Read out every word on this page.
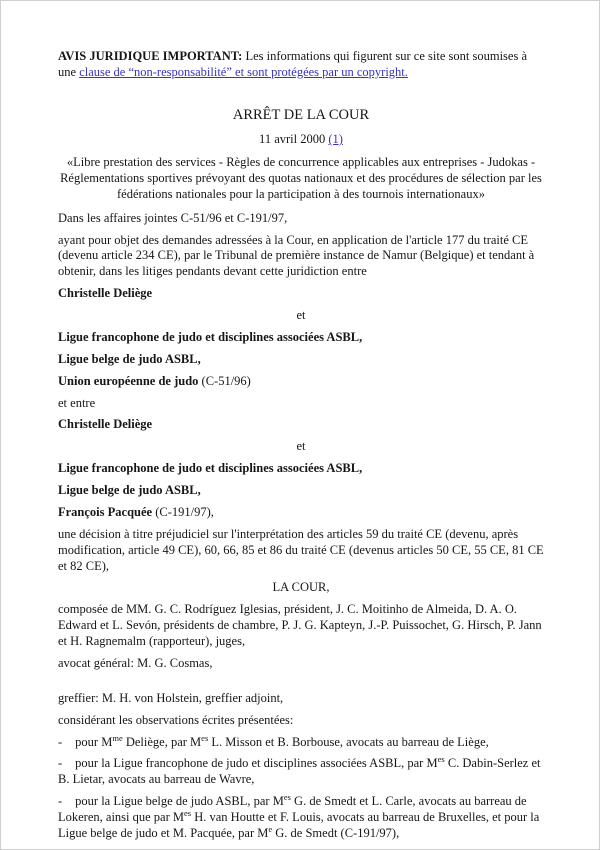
AVIS JURIDIQUE IMPORTANT: Les informations qui figurent sur ce site sont soumises à une clause de “non-responsabilité” et sont protégées par un copyright.

ARRÊT DE LA COUR

11 avril 2000 (1)

«Libre prestation des services - Règles de concurrence applicables aux entreprises - Judokas - Réglementations sportives prévoyant des quotas nationaux et des procédures de sélection par les fédérations nationales pour la participation à des tournois internationaux»

Dans les affaires jointes C-51/96 et C-191/97,

ayant pour objet des demandes adressées à la Cour, en application de l'article 177 du traité CE (devenu article 234 CE), par le Tribunal de première instance de Namur (Belgique) et tendant à obtenir, dans les litiges pendants devant cette juridiction entre

Christelle Deliège

et

Ligue francophone de judo et disciplines associées ASBL,

Ligue belge de judo ASBL,

Union européenne de judo (C-51/96)

et entre

Christelle Deliège

et

Ligue francophone de judo et disciplines associées ASBL,

Ligue belge de judo ASBL,

François Pacquée (C-191/97),

une décision à titre préjudiciel sur l'interprétation des articles 59 du traité CE (devenu, après modification, article 49 CE), 60, 66, 85 et 86 du traité CE (devenus articles 50 CE, 55 CE, 81 CE et 82 CE),

LA COUR,

composée de MM. G. C. Rodríguez Iglesias, président, J. C. Moitinho de Almeida, D. A. O. Edward et L. Sevón, présidents de chambre, P. J. G. Kapteyn, J.-P. Puissochet, G. Hirsch, P. Jann et H. Ragnemalm (rapporteur), juges,

avocat général: M. G. Cosmas,

greffier: M. H. von Holstein, greffier adjoint,

considérant les observations écrites présentées:

- pour $M^{me}$ Deliège, par $M^{es}$ L. Misson et B. Borbouse, avocats au barreau de Liège,

- pour la Ligue francophone de judo et disciplines associées ASBL, par $M^{es}$ C. Dabin-Serlez et B. Lietar, avocats au barreau de Wavre,

- pour la Ligue belge de judo ASBL, par $M^{es}$ G. de Smedt et L. Carle, avocats au barreau de Lokeren, ainsi que par $M^{es}$ H. van Houtte et F. Louis, avocats au barreau de Bruxelles, et pour la Ligue belge de judo et M. Pacquée, par Me G. de Smedt (C-191/97),
